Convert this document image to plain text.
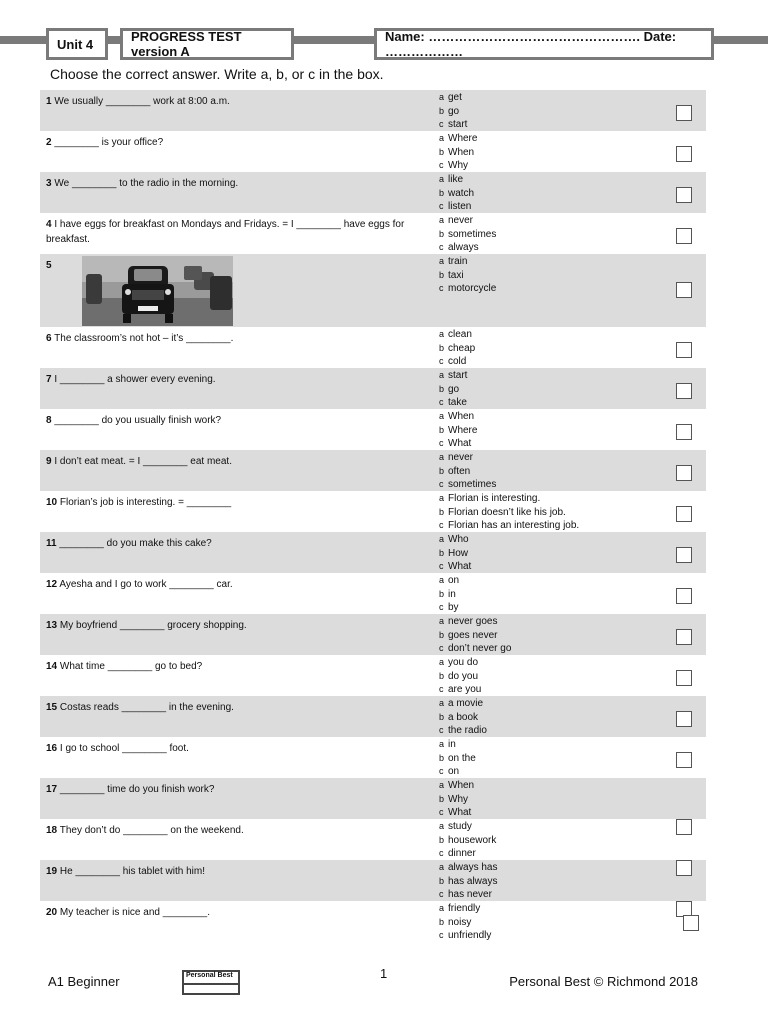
Unit 4	PROGRESS TEST version A
Name: …………………………………………. Date: ………………
Choose the correct answer. Write a, b, or c in the box.
1 We usually ________ work at 8:00 a.m.	a get
b go
c start
2 ________ is your office?	a Where
b When
c Why
3 We ________ to the radio in the morning.	a like
b watch
c listen
4 I have eggs for breakfast on Mondays and Fridays. = I ________ have eggs for breakfast.
a never
b sometimes
c always
5	a train
b taxi
c motorcycle
6 The classroom’s not hot – it’s ________.	a clean
b cheap
c cold
7 I ________ a shower every evening.	a start
b go
c take
8 ________ do you usually finish work?	a When
b Where
c What
9 I don’t eat meat. = I ________ eat meat.	a never
b often
c sometimes
10 Florian’s job is interesting. = ________	a Florian is interesting.
b Florian doesn’t like his job.
c Florian has an interesting job.
11 ________ do you make this cake?	a Who
b How
c What
12 Ayesha and I go to work ________ car.	a on
b in
c by
13 My boyfriend ________ grocery shopping.	a never goes
b goes never
c don’t never go
14 What time ________ go to bed?	a you do
b do you
c are you
15 Costas reads ________ in the evening.	a a movie
b a book
c the radio
16 I go to school ________ foot.	a in
b on the
c on
17 ________ time do you finish work?	a When
b Why
c What
18 They don’t do ________ on the weekend.	a study
b housework
c dinner
19 He ________ his tablet with him!	a always has
b has always
c has never
20 My teacher is nice and ________.	a friendly
b noisy
c unfriendly
A1 Beginner	Personal Best	1
Personal Best © Richmond 2018
